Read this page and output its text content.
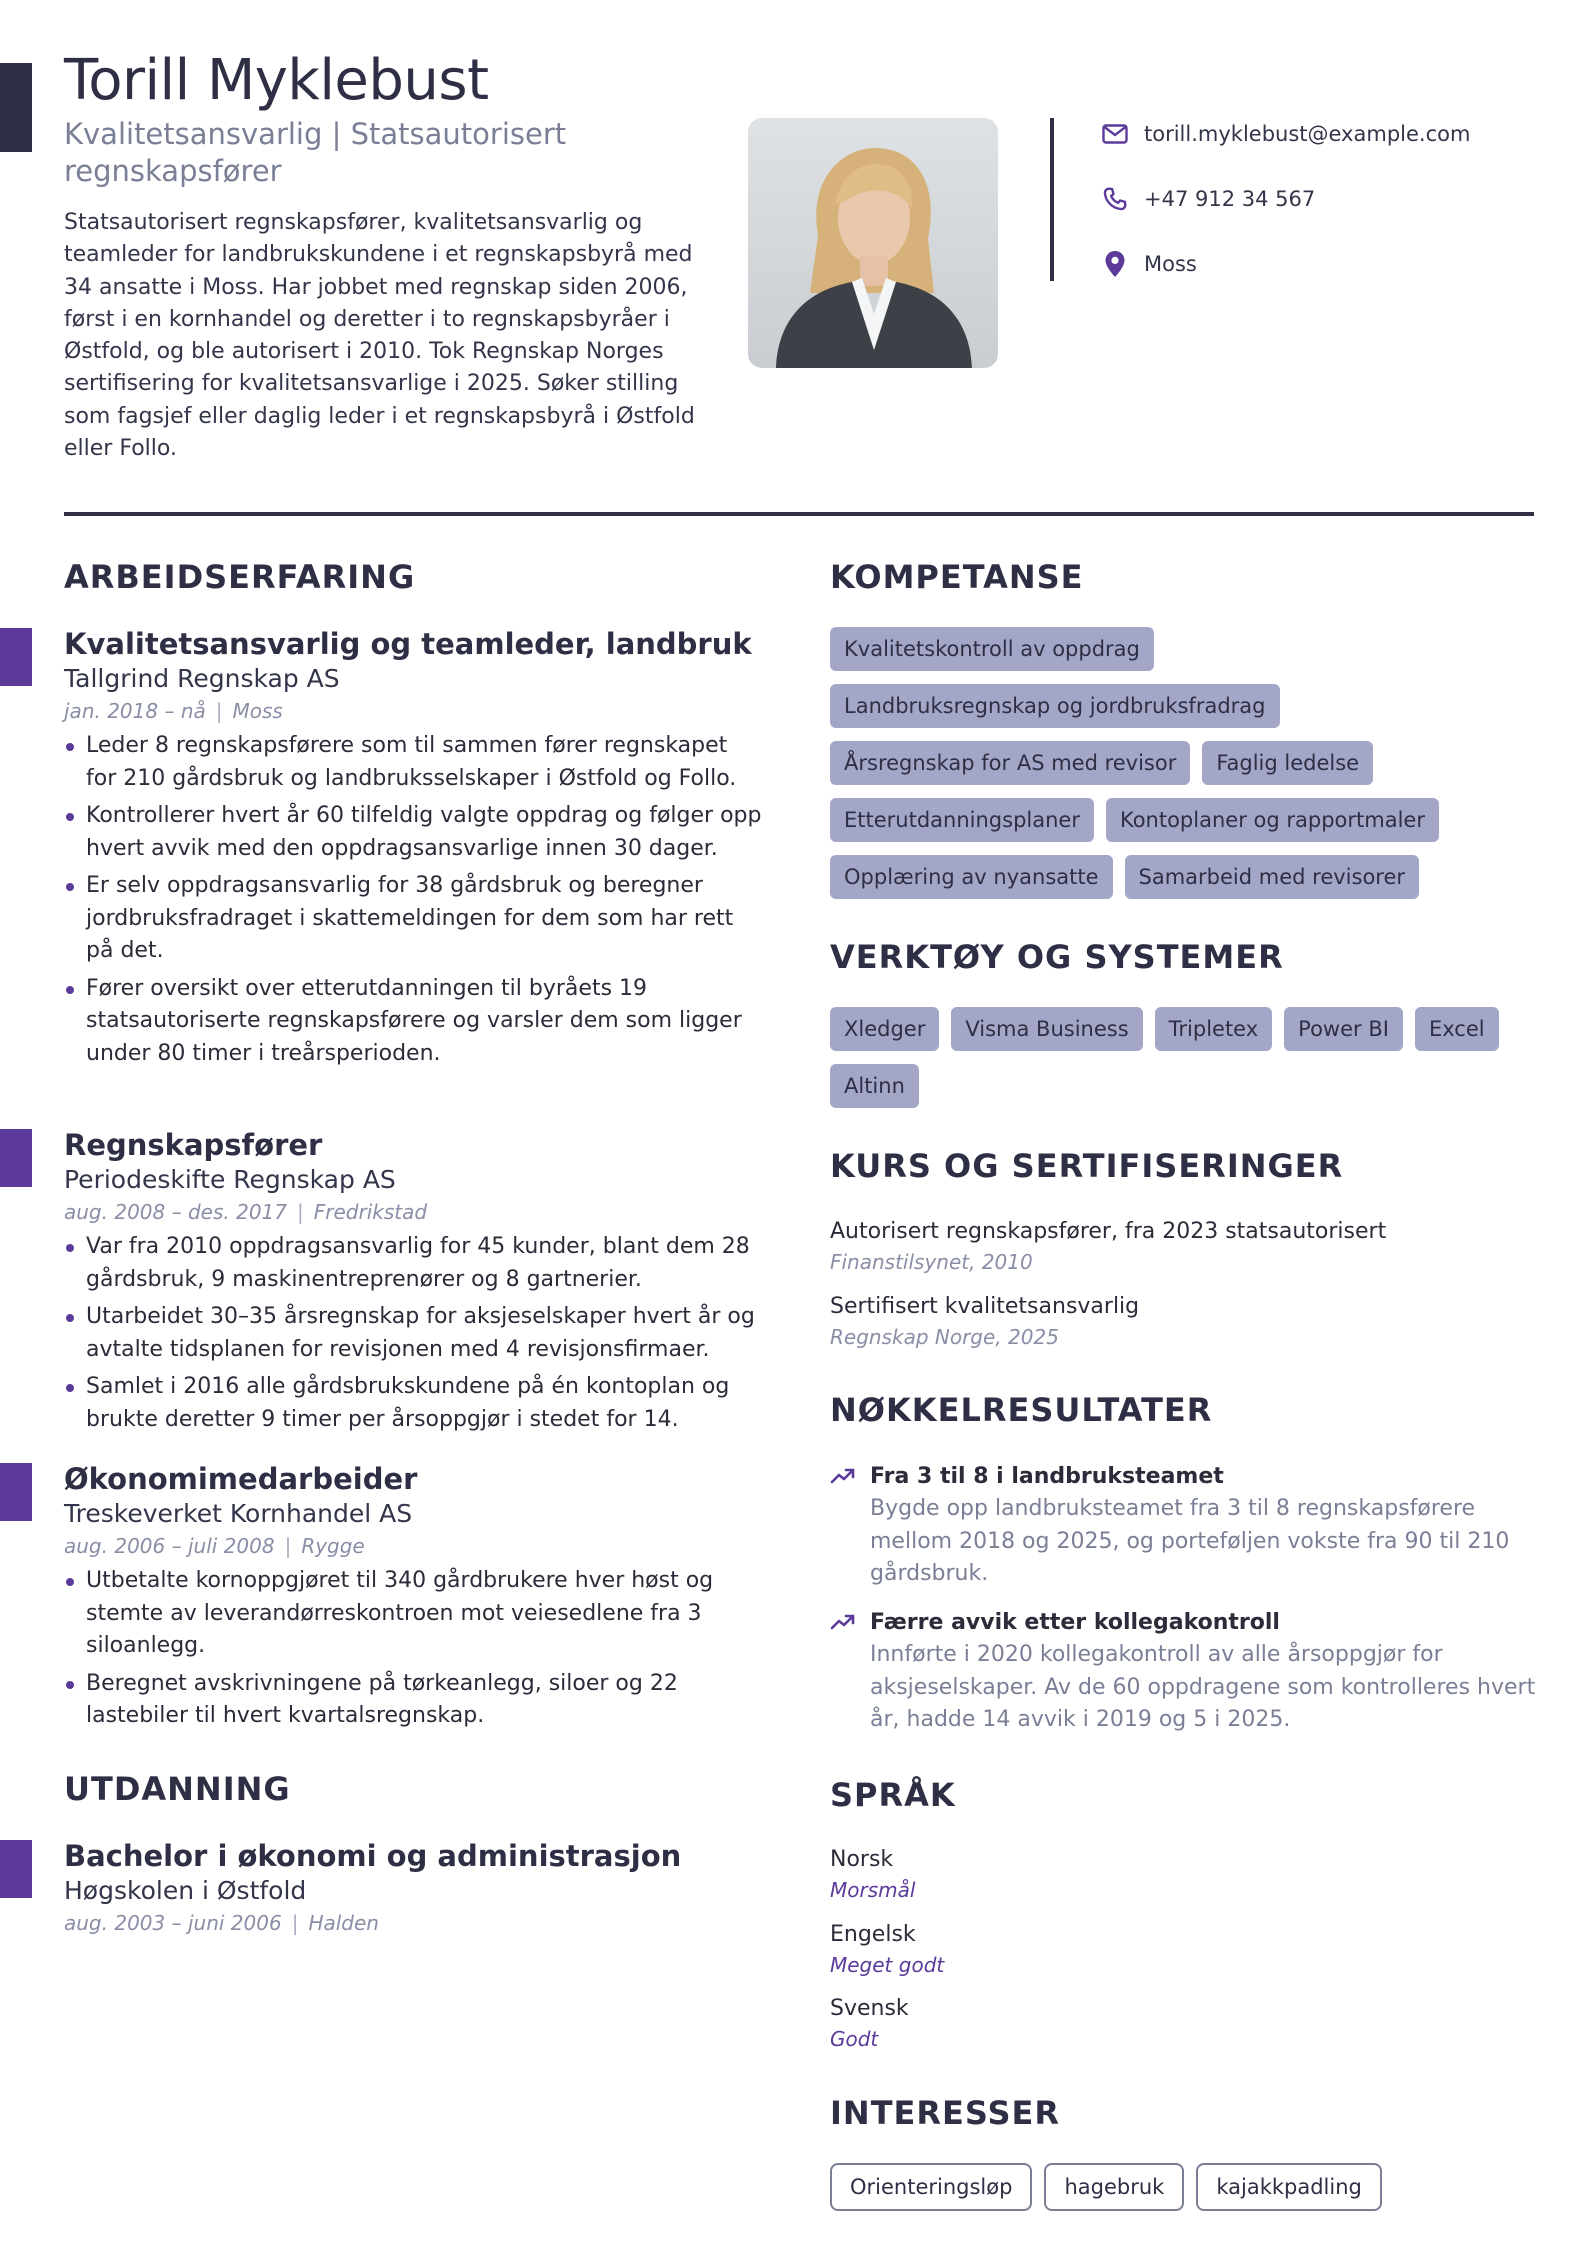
Torill Myklebust
Kvalitetsansvarlig | Statsautorisert regnskapsfører
Statsautorisert regnskapsfører, kvalitetsansvarlig og teamleder for landbrukskundene i et regnskapsbyrå med 34 ansatte i Moss. Har jobbet med regnskap siden 2006, først i en kornhandel og deretter i to regnskapsbyråer i Østfold, og ble autorisert i 2010. Tok Regnskap Norges sertifisering for kvalitetsansvarlige i 2025. Søker stilling som fagsjef eller daglig leder i et regnskapsbyrå i Østfold eller Follo.
torill.myklebust@example.com
+47 912 34 567
Moss
ARBEIDSERFARING
Kvalitetsansvarlig og teamleder, landbruk
Tallgrind Regnskap AS
jan. 2018 – nå | Moss
Leder 8 regnskapsførere som til sammen fører regnskapet for 210 gårdsbruk og landbruksselskaper i Østfold og Follo.
Kontrollerer hvert år 60 tilfeldig valgte oppdrag og følger opp hvert avvik med den oppdragsansvarlige innen 30 dager.
Er selv oppdragsansvarlig for 38 gårdsbruk og beregner jordbruksfradraget i skattemeldingen for dem som har rett på det.
Fører oversikt over etterutdanningen til byråets 19 statsautoriserte regnskapsførere og varsler dem som ligger under 80 timer i treårsperioden.
Regnskapsfører
Periodeskifte Regnskap AS
aug. 2008 – des. 2017 | Fredrikstad
Var fra 2010 oppdragsansvarlig for 45 kunder, blant dem 28 gårdsbruk, 9 maskinentreprenører og 8 gartnerier.
Utarbeidet 30–35 årsregnskap for aksjeselskaper hvert år og avtalte tidsplanen for revisjonen med 4 revisjonsfirmaer.
Samlet i 2016 alle gårdsbrukskundene på én kontoplan og brukte deretter 9 timer per årsoppgjør i stedet for 14.
Økonomimedarbeider
Treskeverket Kornhandel AS
aug. 2006 – juli 2008 | Rygge
Utbetalte kornoppgjøret til 340 gårdbrukere hver høst og stemte av leverandørreskontroen mot veiesedlene fra 3 siloanlegg.
Beregnet avskrivningene på tørkeanlegg, siloer og 22 lastebiler til hvert kvartalsregnskap.
UTDANNING
Bachelor i økonomi og administrasjon
Høgskolen i Østfold
aug. 2003 – juni 2006 | Halden
KOMPETANSE
Kvalitetskontroll av oppdrag
Landbruksregnskap og jordbruksfradrag
Årsregnskap for AS med revisor	Faglig ledelse
Etterutdanningsplaner	Kontoplaner og rapportmaler
Opplæring av nyansatte	Samarbeid med revisorer
VERKTØY OG SYSTEMER
Xledger	Visma Business	Tripletex	Power BI	Excel
Altinn
KURS OG SERTIFISERINGER
Autorisert regnskapsfører, fra 2023 statsautorisert
Finanstilsynet, 2010
Sertifisert kvalitetsansvarlig
Regnskap Norge, 2025
NØKKELRESULTATER
Fra 3 til 8 i landbruksteamet
Bygde opp landbruksteamet fra 3 til 8 regnskapsførere mellom 2018 og 2025, og porteføljen vokste fra 90 til 210 gårdsbruk.
Færre avvik etter kollegakontroll
Innførte i 2020 kollegakontroll av alle årsoppgjør for aksjeselskaper. Av de 60 oppdragene som kontrolleres hvert år, hadde 14 avvik i 2019 og 5 i 2025.
SPRÅK
Norsk
Morsmål
Engelsk
Meget godt
Svensk
Godt
INTERESSER
Orienteringsløp	hagebruk	kajakkpadling
